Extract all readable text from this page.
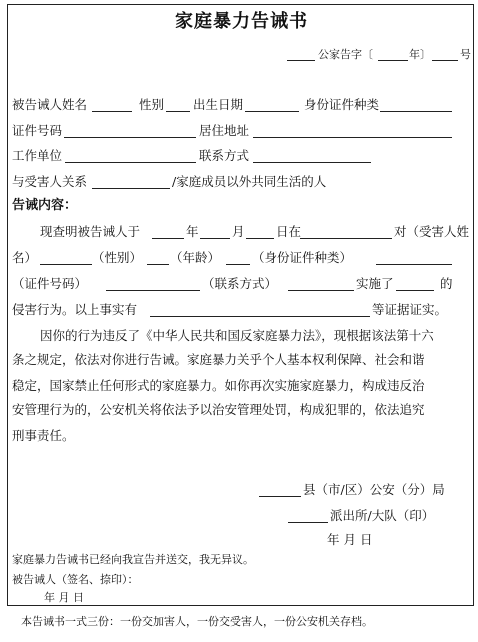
家庭暴力告诫书
公家告字〔	年〕	号
被告诫人姓名	性别 出生日期	身份证件种类
证件号码	居住地址
工作单位	联系方式
与受害人关系	/家庭成员以外共同生活的人
告诫内容：
现查明被告诫人于	年	月	日在	对（受害人姓
名）	（性别） （年龄）	（身份证件种类）
（证件号码）	（联系方式）	实施了	的
侵害行为。以上事实有	等证据证实。
因你的行为违反了《中华人民共和国反家庭暴力法》，现根据该法第十六
条之规定，依法对你进行告诫。家庭暴力关乎个人基本权利保障、社会和谐
稳定，国家禁止任何形式的家庭暴力。如你再次实施家庭暴力，构成违反治
安管理行为的，公安机关将依法予以治安管理处罚，构成犯罪的，依法追究
刑事责任。
县（市/区）公安（分）局
派出所/大队（印）
年 月 日
家庭暴力告诫书已经向我宣告并送交，我无异议。
被告诫人（签名、捺印）：
年 月 日
本告诫书一式三份：一份交加害人，一份交受害人，一份公安机关存档。
